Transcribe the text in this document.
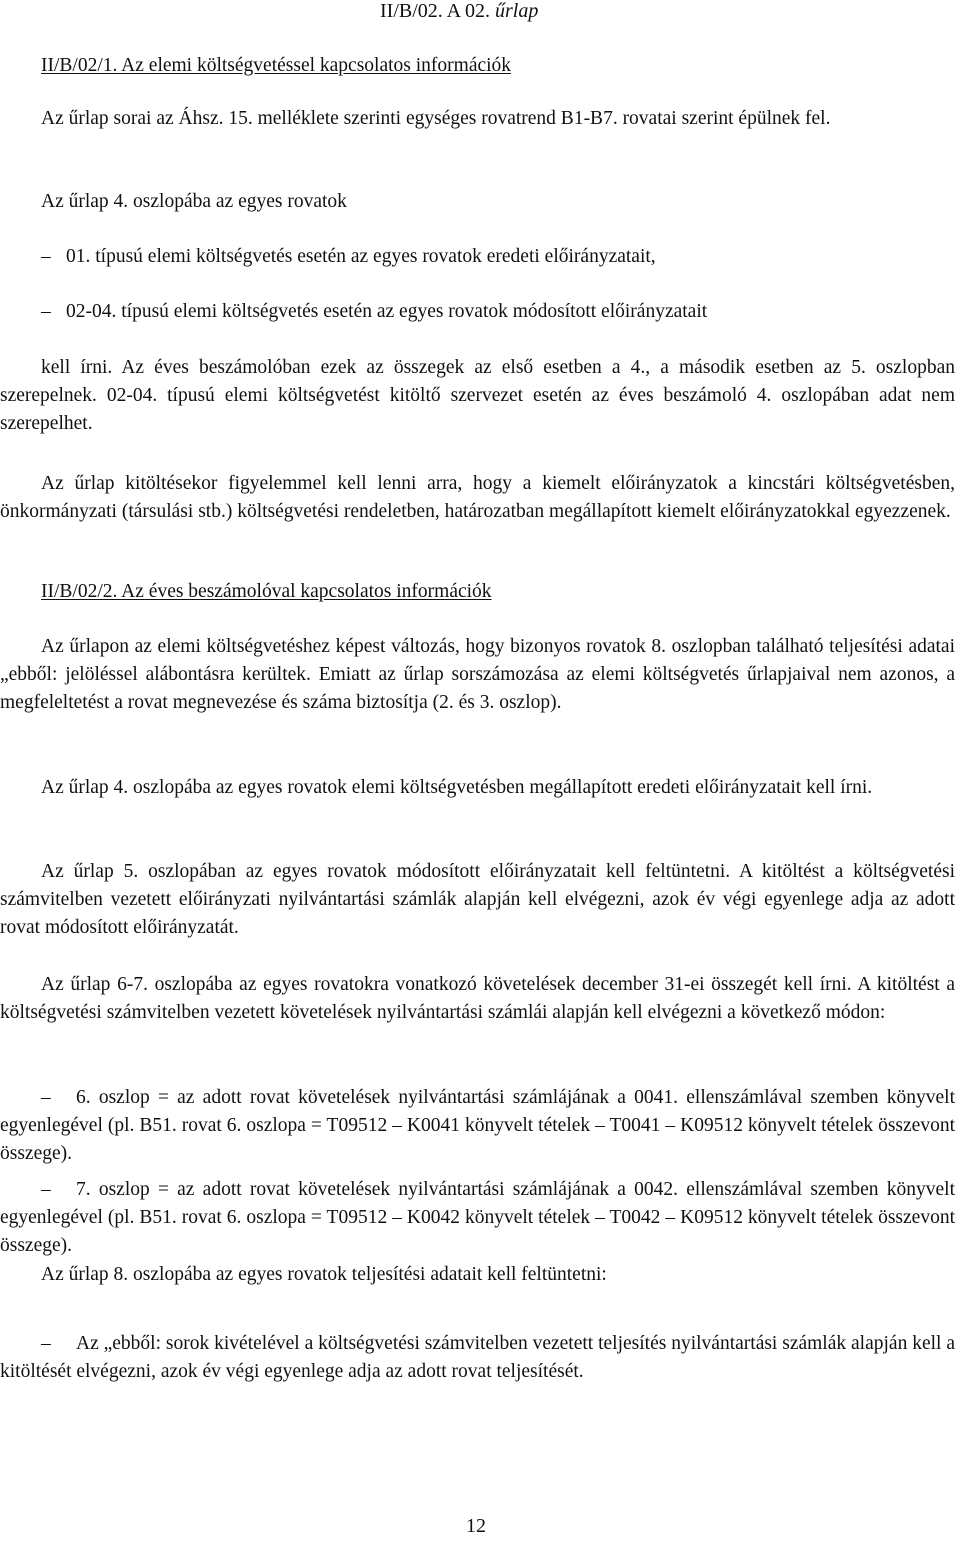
II/B/02. A 02. űrlap
II/B/02/1. Az elemi költségvetéssel kapcsolatos információk
Az űrlap sorai az Áhsz. 15. melléklete szerinti egységes rovatrend B1-B7. rovatai szerint épülnek fel.
Az űrlap 4. oszlopába az egyes rovatok
– 01. típusú elemi költségvetés esetén az egyes rovatok eredeti előirányzatait,
– 02-04. típusú elemi költségvetés esetén az egyes rovatok módosított előirányzatait
kell írni. Az éves beszámolóban ezek az összegek az első esetben a 4., a második esetben az 5. oszlopban szerepelnek. 02-04. típusú elemi költségvetést kitöltő szervezet esetén az éves beszámoló 4. oszlopában adat nem szerepelhet.
Az űrlap kitöltésekor figyelemmel kell lenni arra, hogy a kiemelt előirányzatok a kincstári költségvetésben, önkormányzati (társulási stb.) költségvetési rendeletben, határozatban megállapított kiemelt előirányzatokkal egyezzenek.
II/B/02/2. Az éves beszámolóval kapcsolatos információk
Az űrlapon az elemi költségvetéshez képest változás, hogy bizonyos rovatok 8. oszlopban található teljesítési adatai „ebből: jelöléssel alábontásra kerültek. Emiatt az űrlap sorszámozása az elemi költségvetés űrlapjaival nem azonos, a megfeleltetést a rovat megnevezése és száma biztosítja (2. és 3. oszlop).
Az űrlap 4. oszlopába az egyes rovatok elemi költségvetésben megállapított eredeti előirányzatait kell írni.
Az űrlap 5. oszlopában az egyes rovatok módosított előirányzatait kell feltüntetni. A kitöltést a költségvetési számvitelben vezetett előirányzati nyilvántartási számlák alapján kell elvégezni, azok év végi egyenlege adja az adott rovat módosított előirányzatát.
Az űrlap 6-7. oszlopába az egyes rovatokra vonatkozó követelések december 31-ei összegét kell írni. A kitöltést a költségvetési számvitelben vezetett követelések nyilvántartási számlái alapján kell elvégezni a következő módon:
– 6. oszlop = az adott rovat követelések nyilvántartási számlájának a 0041. ellenszámlával szemben könyvelt egyenlegével (pl. B51. rovat 6. oszlopa = T09512 – K0041 könyvelt tételek – T0041 – K09512 könyvelt tételek összevont összege).
– 7. oszlop = az adott rovat követelések nyilvántartási számlájának a 0042. ellenszámlával szemben könyvelt egyenlegével (pl. B51. rovat 6. oszlopa = T09512 – K0042 könyvelt tételek – T0042 – K09512 könyvelt tételek összevont összege).
Az űrlap 8. oszlopába az egyes rovatok teljesítési adatait kell feltüntetni:
– Az „ebből: sorok kivételével a költségvetési számvitelben vezetett teljesítés nyilvántartási számlák alapján kell a kitöltését elvégezni, azok év végi egyenlege adja az adott rovat teljesítését.
12
